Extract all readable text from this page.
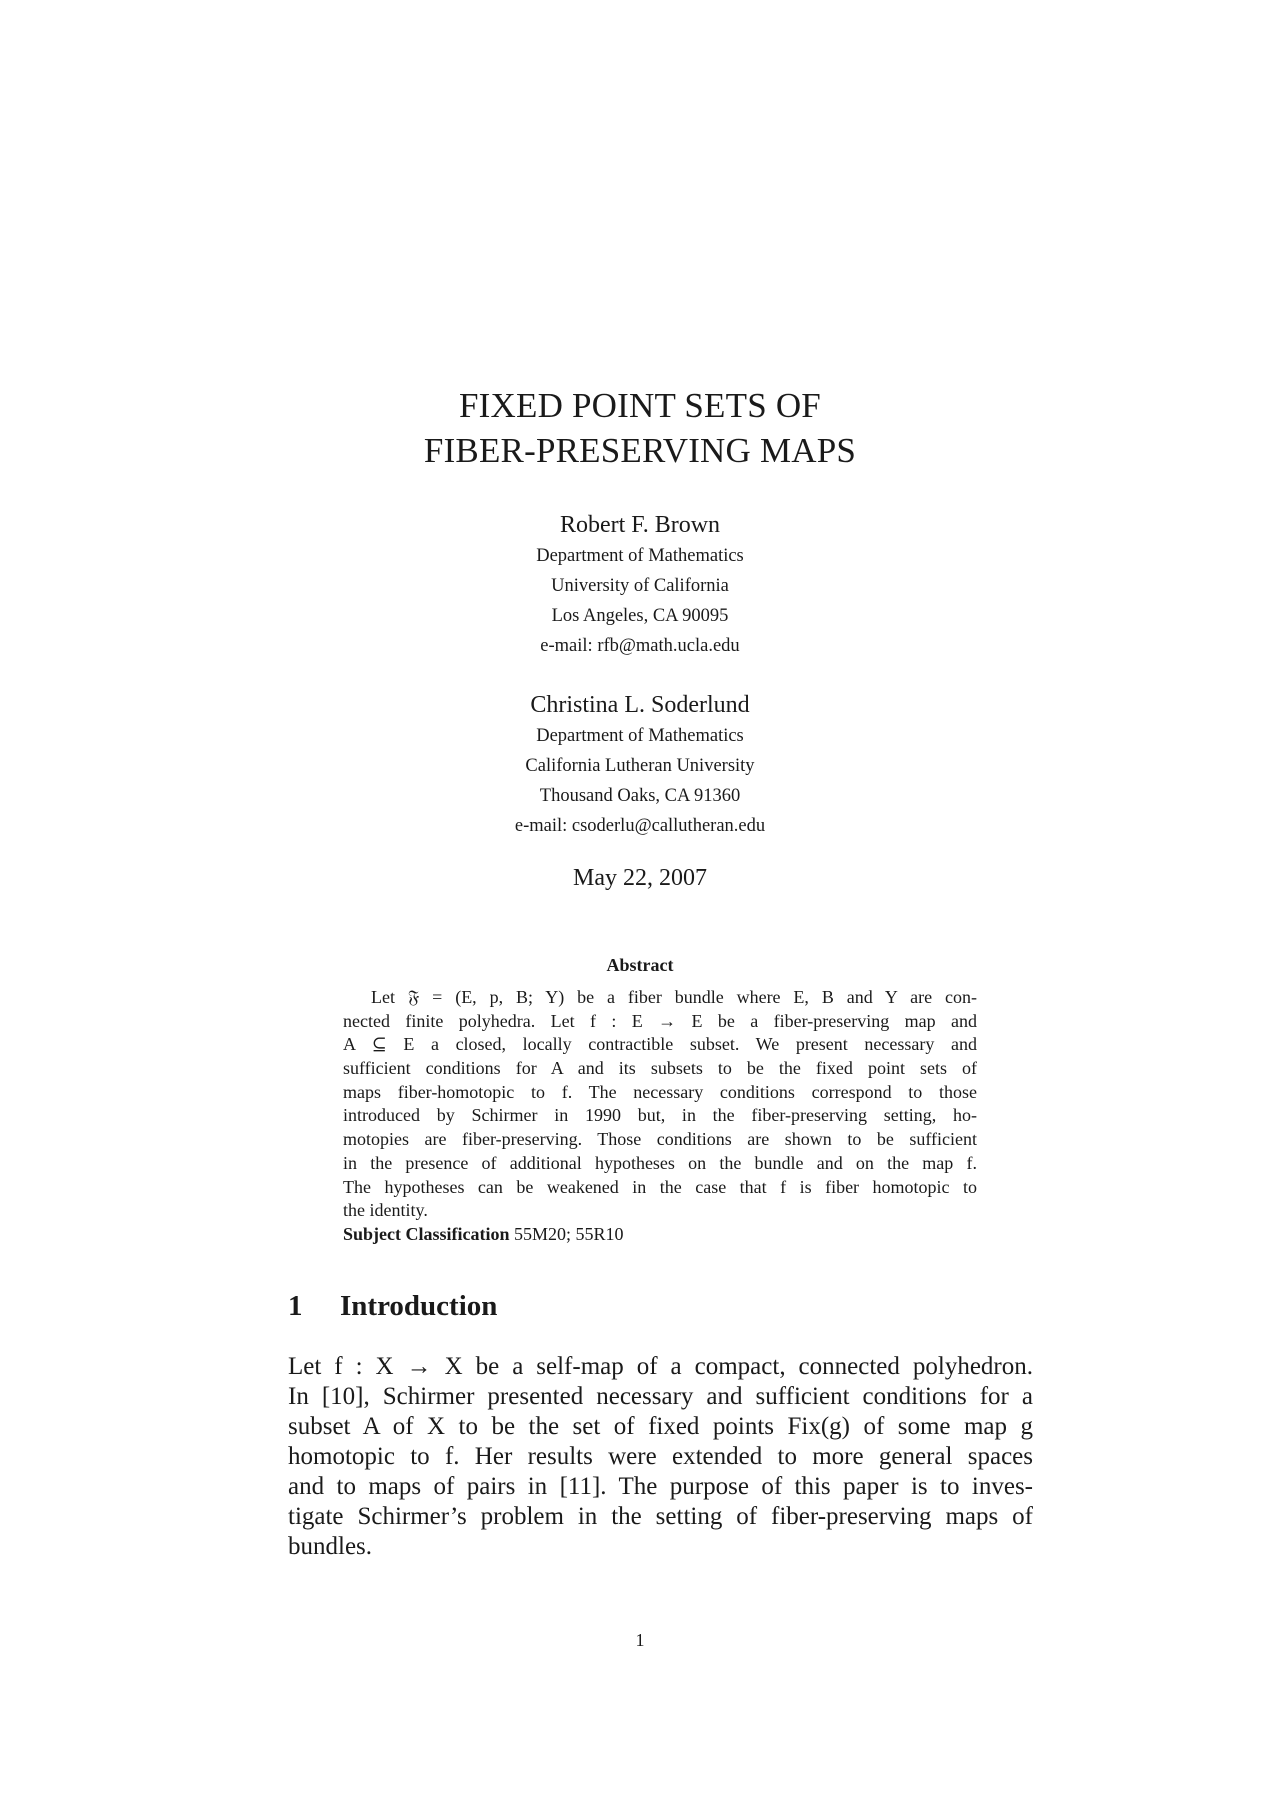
FIXED POINT SETS OF
FIBER-PRESERVING MAPS
Robert F. Brown
Department of Mathematics
University of California
Los Angeles, CA 90095
e-mail: rfb@math.ucla.edu
Christina L. Soderlund
Department of Mathematics
California Lutheran University
Thousand Oaks, CA 91360
e-mail: csoderlu@callutheran.edu
May 22, 2007
Abstract
Let 𝔉 = (E, p, B; Y) be a fiber bundle where E, B and Y are con-
nected finite polyhedra. Let f : E → E be a fiber-preserving map and
A ⊆ E a closed, locally contractible subset. We present necessary and
sufficient conditions for A and its subsets to be the fixed point sets of
maps fiber-homotopic to f. The necessary conditions correspond to those
introduced by Schirmer in 1990 but, in the fiber-preserving setting, ho-
motopies are fiber-preserving. Those conditions are shown to be sufficient
in the presence of additional hypotheses on the bundle and on the map f.
The hypotheses can be weakened in the case that f is fiber homotopic to
the identity.
Subject Classification 55M20; 55R10
1 Introduction
Let f : X → X be a self-map of a compact, connected polyhedron.
In [10], Schirmer presented necessary and sufficient conditions for a
subset A of X to be the set of fixed points Fix(g) of some map g
homotopic to f. Her results were extended to more general spaces
and to maps of pairs in [11]. The purpose of this paper is to inves-
tigate Schirmer’s problem in the setting of fiber-preserving maps of
bundles.
1
